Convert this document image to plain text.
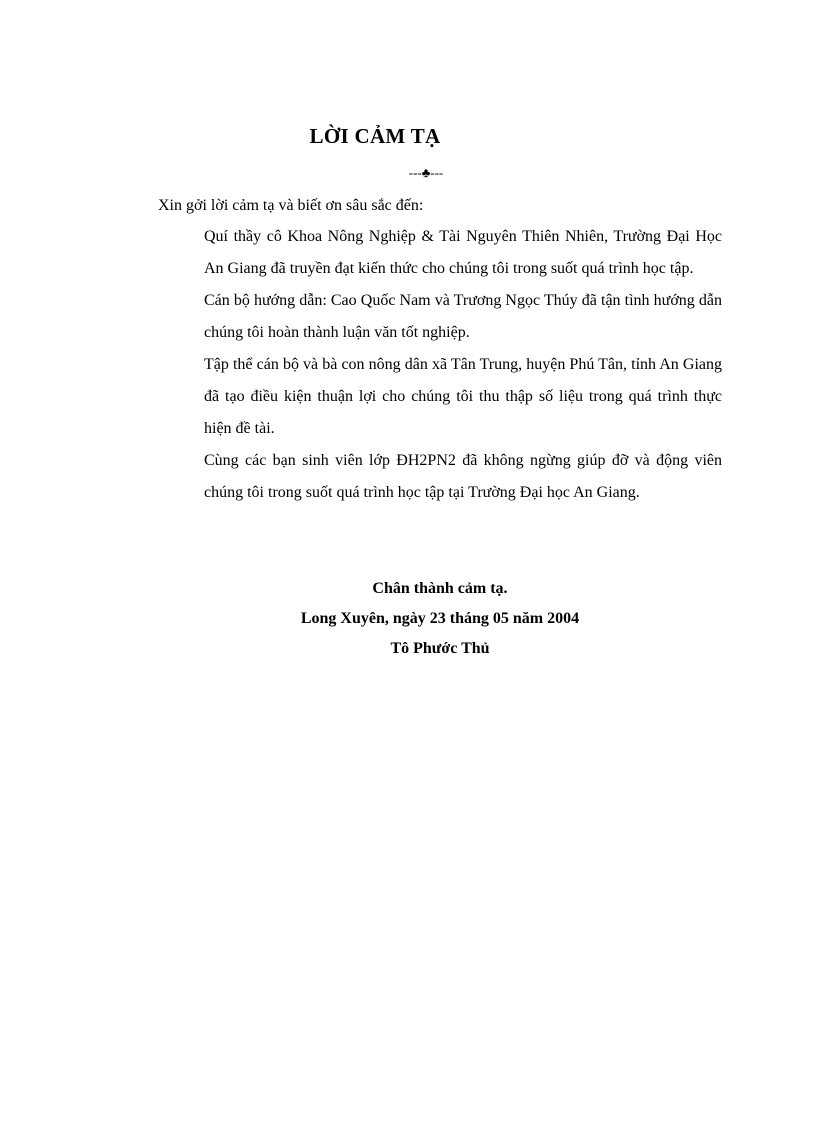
LỜI CẢM TẠ
---♣---
Xin gởi lời cảm tạ và biết ơn sâu sắc đến:

Quí thầy cô Khoa Nông Nghiệp & Tài Nguyên Thiên Nhiên, Trường Đại Học An Giang đã truyền đạt kiến thức cho chúng tôi trong suốt quá trình học tập.

Cán bộ hướng dẫn: Cao Quốc Nam và Trương Ngọc Thúy đã tận tình hướng dẫn chúng tôi hoàn thành luận văn tốt nghiệp.

Tập thể cán bộ và bà con nông dân xã Tân Trung, huyện Phú Tân, tỉnh An Giang đã tạo điều kiện thuận lợi cho chúng tôi thu thập số liệu trong quá trình thực hiện đề tài.

Cùng các bạn sinh viên lớp ĐH2PN2 đã không ngừng giúp đỡ và động viên chúng tôi trong suốt quá trình học tập tại Trường Đại học An Giang.

Chân thành cảm tạ.
Long Xuyên, ngày 23 tháng 05 năm 2004
Tô Phước Thủ
